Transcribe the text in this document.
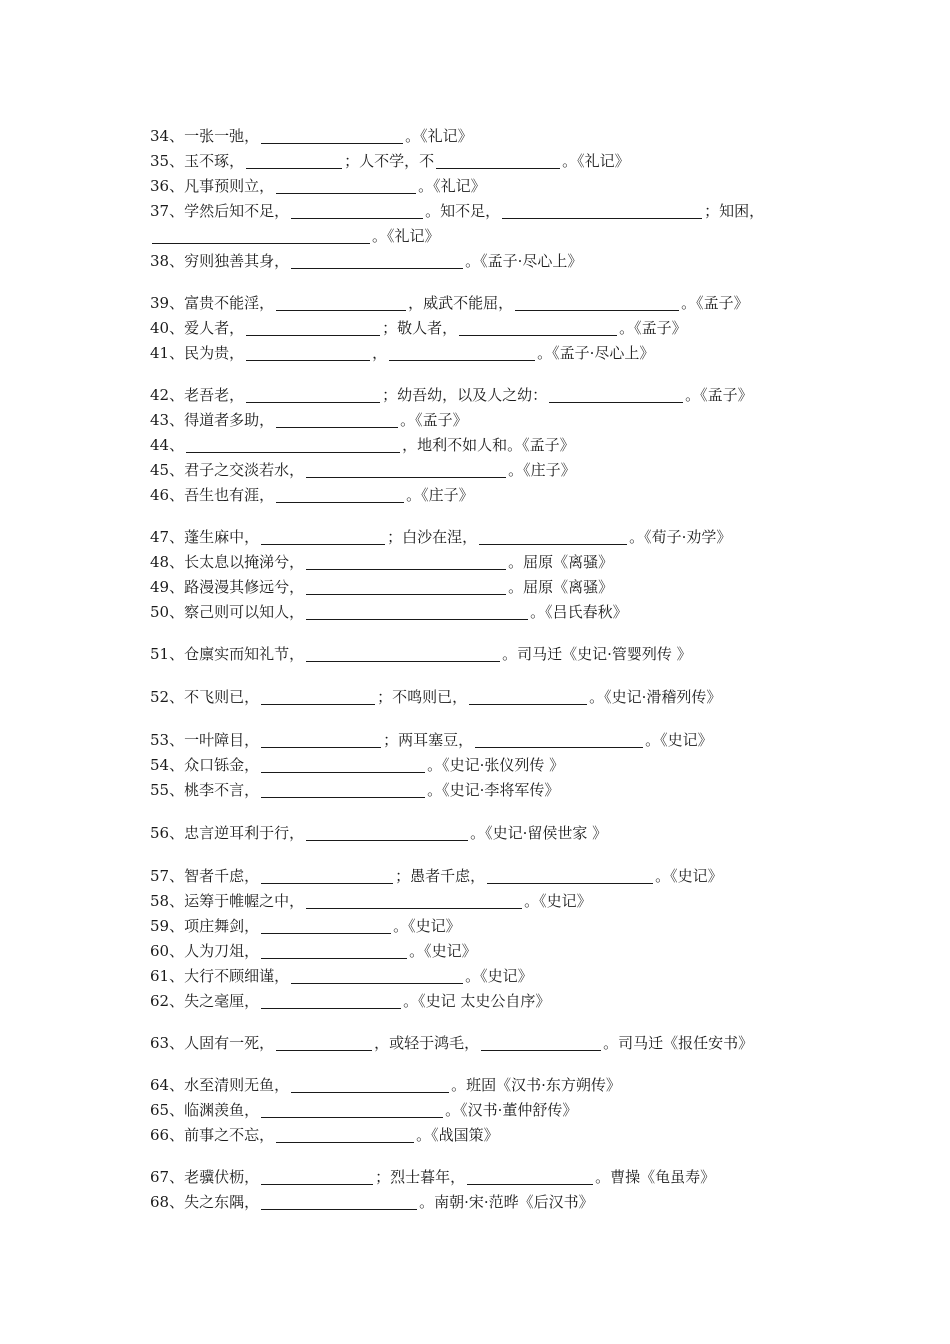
34、一张一弛，	。《礼记》
35、玉不琢，	；人不学，不	。《礼记》
36、凡事预则立，	。《礼记》
37、学然后知不足，	。知不足，	；知困，
。《礼记》
38、穷则独善其身，	。《孟子·尽心上》
39、富贵不能淫，	，威武不能屈，	。《孟子》
40、爱人者，	；敬人者，	。《孟子》
41、民为贵，	，	。《孟子·尽心上》
42、老吾老，	；幼吾幼，以及人之幼：	。《孟子》
43、得道者多助，	。《孟子》
44、	，地利不如人和。《孟子》
45、君子之交淡若水，	。《庄子》
46、吾生也有涯，	。《庄子》
47、蓬生麻中，	；白沙在涅，	。《荀子·劝学》
48、长太息以掩涕兮，	。屈原《离骚》
49、路漫漫其修远兮，	。屈原《离骚》
50、察己则可以知人，	。《吕氏春秋》
51、仓廪实而知礼节，	。司马迁《史记·管婴列传 》
52、不飞则已，	；不鸣则已，	。《史记·滑稽列传》
53、一叶障目，	；两耳塞豆，	。《史记》
54、众口铄金，	。《史记·张仪列传 》
55、桃李不言，	。《史记·李将军传》
56、忠言逆耳利于行，	。《史记·留侯世家 》
57、智者千虑，	；愚者千虑，	。《史记》
58、运筹于帷幄之中，	。《史记》
59、项庄舞剑，	。《史记》
60、人为刀俎，	。《史记》
61、大行不顾细谨，	。《史记》
62、失之毫厘，	。《史记 太史公自序》
63、人固有一死，	，或轻于鸿毛，	。司马迁《报任安书》
64、水至清则无鱼，	。班固《汉书·东方朔传》
65、临渊羡鱼，	。《汉书·董仲舒传》
66、前事之不忘，	。《战国策》
67、老骥伏枥，	；烈士暮年，	。曹操《龟虽寿》
68、失之东隅，	。南朝·宋·范晔《后汉书》
